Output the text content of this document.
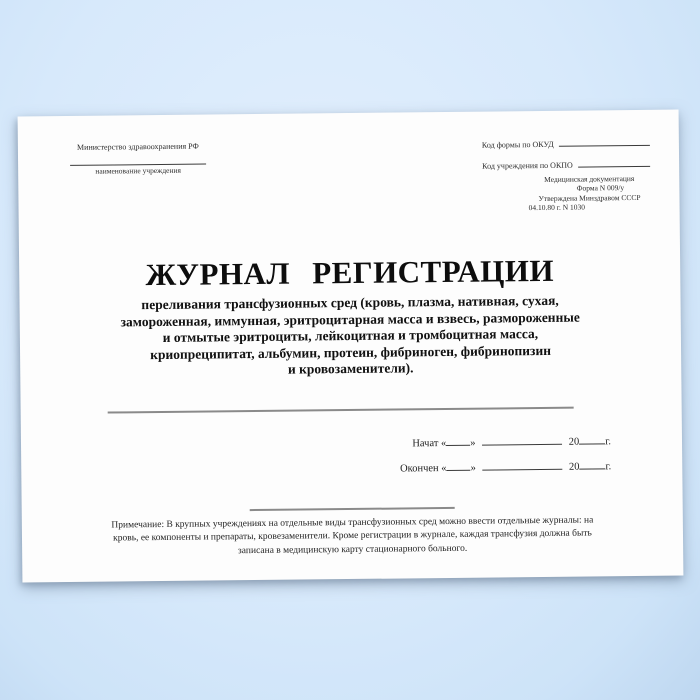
Министерство здравоохранения РФ
наименование учреждения
Код формы по ОКУД
Код учреждения по ОКПО
Медицинская документация
Форма N 009/у
Утверждена Минздравом СССР
04.10.80 г. N 1030
ЖУРНАЛ РЕГИСТРАЦИИ
переливания трансфузионных сред (кровь, плазма, нативная, сухая,
замороженная, иммунная, эритроцитарная масса и взвесь, размороженные
и отмытые эритроциты, лейкоцитная и тромбоцитная масса,
криопреципитат, альбумин, протеин, фибриноген, фибринопизин
и кровозаменители).
Начат « »	20 г.
Окончен « »	20 г.
Примечание: В крупных учреждениях на отдельные виды трансфузионных сред можно ввести отдельные журналы: на
кровь, ее компоненты и препараты, кровезаменители. Кроме регистрации в журнале, каждая трансфузия должна быть
записана в медицинскую карту стационарного больного.
